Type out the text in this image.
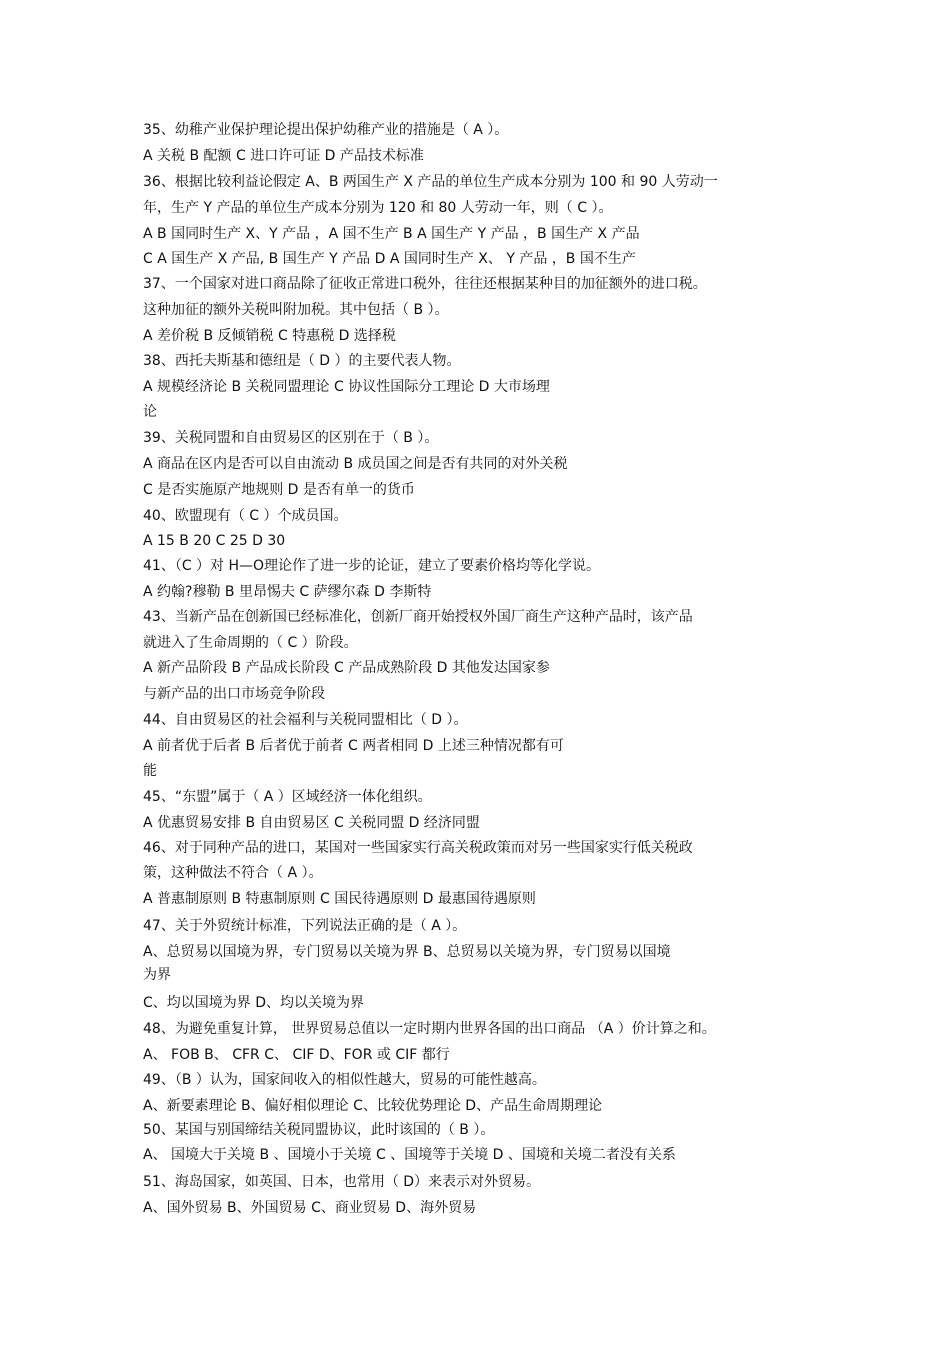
35、幼稚产业保护理论提出保护幼稚产业的措施是（ A ）。
A 关税 B 配额 C 进口许可证 D 产品技术标准
36、根据比较利益论假定 A、B 两国生产 X 产品的单位生产成本分别为 100 和 90 人劳动一
年，生产 Y 产品的单位生产成本分别为 120 和 80 人劳动一年，则（ C ）。
A B 国同时生产 X、Y 产品 ，A 国不生产 B A 国生产 Y 产品 ，B 国生产 X 产品
C A 国生产 X 产品, B 国生产 Y 产品 D A 国同时生产 X、 Y 产品 ，B 国不生产
37、一个国家对进口商品除了征收正常进口税外，往往还根据某种目的加征额外的进口税。
这种加征的额外关税叫附加税。其中包括（ B ）。
A 差价税 B 反倾销税 C 特惠税 D 选择税
38、西托夫斯基和德纽是（ D ）的主要代表人物。
A 规模经济论 B 关税同盟理论 C 协议性国际分工理论 D 大市场理
论
39、关税同盟和自由贸易区的区别在于（ B ）。
A 商品在区内是否可以自由流动 B 成员国之间是否有共同的对外关税
C 是否实施原产地规则 D 是否有单一的货币
40、欧盟现有（ C ）个成员国。
A 15 B 20 C 25 D 30
41、（C ）对 H—O理论作了进一步的论证，建立了要素价格均等化学说。
A 约翰?穆勒 B 里昂惕夫 C 萨缪尔森 D 李斯特
43、当新产品在创新国已经标准化，创新厂商开始授权外国厂商生产这种产品时，该产品
就进入了生命周期的（ C ）阶段。
A 新产品阶段 B 产品成长阶段 C 产品成熟阶段 D 其他发达国家参
与新产品的出口市场竞争阶段
44、自由贸易区的社会福利与关税同盟相比（ D ）。
A 前者优于后者 B 后者优于前者 C 两者相同 D 上述三种情况都有可
能
45、“东盟”属于（ A ）区域经济一体化组织。
A 优惠贸易安排 B 自由贸易区 C 关税同盟 D 经济同盟
46、对于同种产品的进口，某国对一些国家实行高关税政策而对另一些国家实行低关税政
策，这种做法不符合（ A ）。
A 普惠制原则 B 特惠制原则 C 国民待遇原则 D 最惠国待遇原则
47、关于外贸统计标准，下列说法正确的是（ A ）。
A、总贸易以国境为界，专门贸易以关境为界 B、总贸易以关境为界，专门贸易以国境
为界
C、均以国境为界 D、均以关境为界
48、为避免重复计算， 世界贸易总值以一定时期内世界各国的出口商品 （A ）价计算之和。
A、 FOB B、 CFR C、 CIF D、FOR 或 CIF 都行
49、（B ）认为，国家间收入的相似性越大，贸易的可能性越高。
A、新要素理论 B、偏好相似理论 C、比较优势理论 D、产品生命周期理论
50、某国与别国缔结关税同盟协议，此时该国的（ B ）。
A、 国境大于关境 B 、国境小于关境 C 、国境等于关境 D 、国境和关境二者没有关系
51、海岛国家，如英国、日本，也常用（ D）来表示对外贸易。
A、国外贸易 B、外国贸易 C、商业贸易 D、海外贸易
